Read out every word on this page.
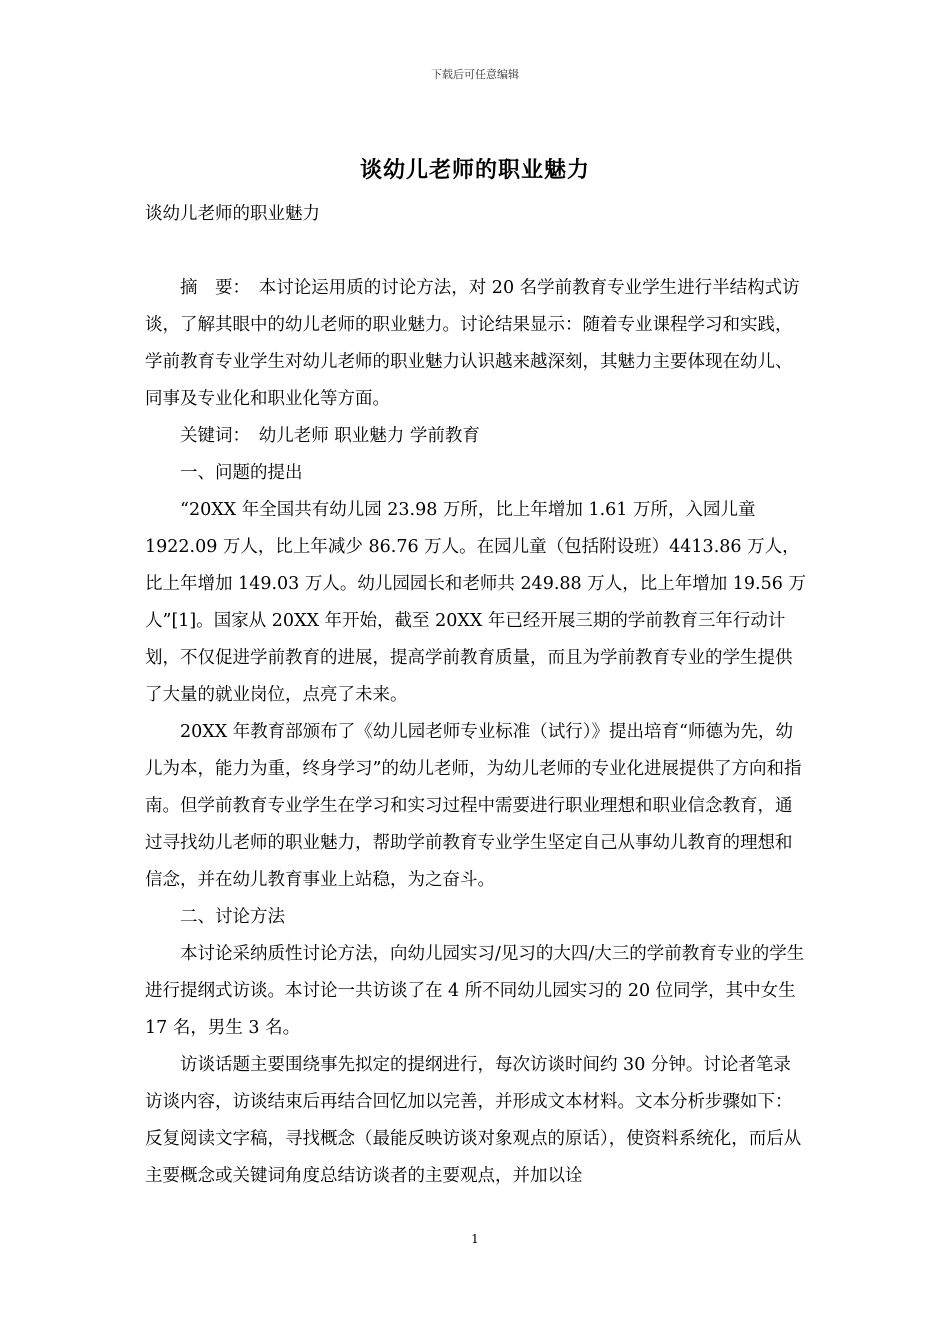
下载后可任意编辑
谈幼儿老师的职业魅力

谈幼儿老师的职业魅力

摘　要：　本讨论运用质的讨论方法，对 20 名学前教育专业学生进行半结构式访谈，了解其眼中的幼儿老师的职业魅力。讨论结果显示：随着专业课程学习和实践，学前教育专业学生对幼儿老师的职业魅力认识越来越深刻，其魅力主要体现在幼儿、同事及专业化和职业化等方面。

关键词：　幼儿老师 职业魅力 学前教育

一、问题的提出

“20XX 年全国共有幼儿园 23.98 万所，比上年增加 1.61 万所，入园儿童 1922.09 万人，比上年减少 86.76 万人。在园儿童（包括附设班）4413.86 万人，比上年增加 149.03 万人。幼儿园园长和老师共 249.88 万人，比上年增加 19.56 万人”[1]。国家从 20XX 年开始，截至 20XX 年已经开展三期的学前教育三年行动计划，不仅促进学前教育的进展，提高学前教育质量，而且为学前教育专业的学生提供了大量的就业岗位，点亮了未来。

20XX 年教育部颁布了《幼儿园老师专业标准（试行）》提出培育“师德为先，幼儿为本，能力为重，终身学习”的幼儿老师，为幼儿老师的专业化进展提供了方向和指南。但学前教育专业学生在学习和实习过程中需要进行职业理想和职业信念教育，通过寻找幼儿老师的职业魅力，帮助学前教育专业学生坚定自己从事幼儿教育的理想和信念，并在幼儿教育事业上站稳，为之奋斗。

二、讨论方法

本讨论采纳质性讨论方法，向幼儿园实习/见习的大四/大三的学前教育专业的学生进行提纲式访谈。本讨论一共访谈了在 4 所不同幼儿园实习的 20 位同学，其中女生 17 名，男生 3 名。

访谈话题主要围绕事先拟定的提纲进行，每次访谈时间约 30 分钟。讨论者笔录访谈内容，访谈结束后再结合回忆加以完善，并形成文本材料。文本分析步骤如下：反复阅读文字稿，寻找概念（最能反映访谈对象观点的原话），使资料系统化，而后从主要概念或关键词角度总结访谈者的主要观点，并加以诠

1
